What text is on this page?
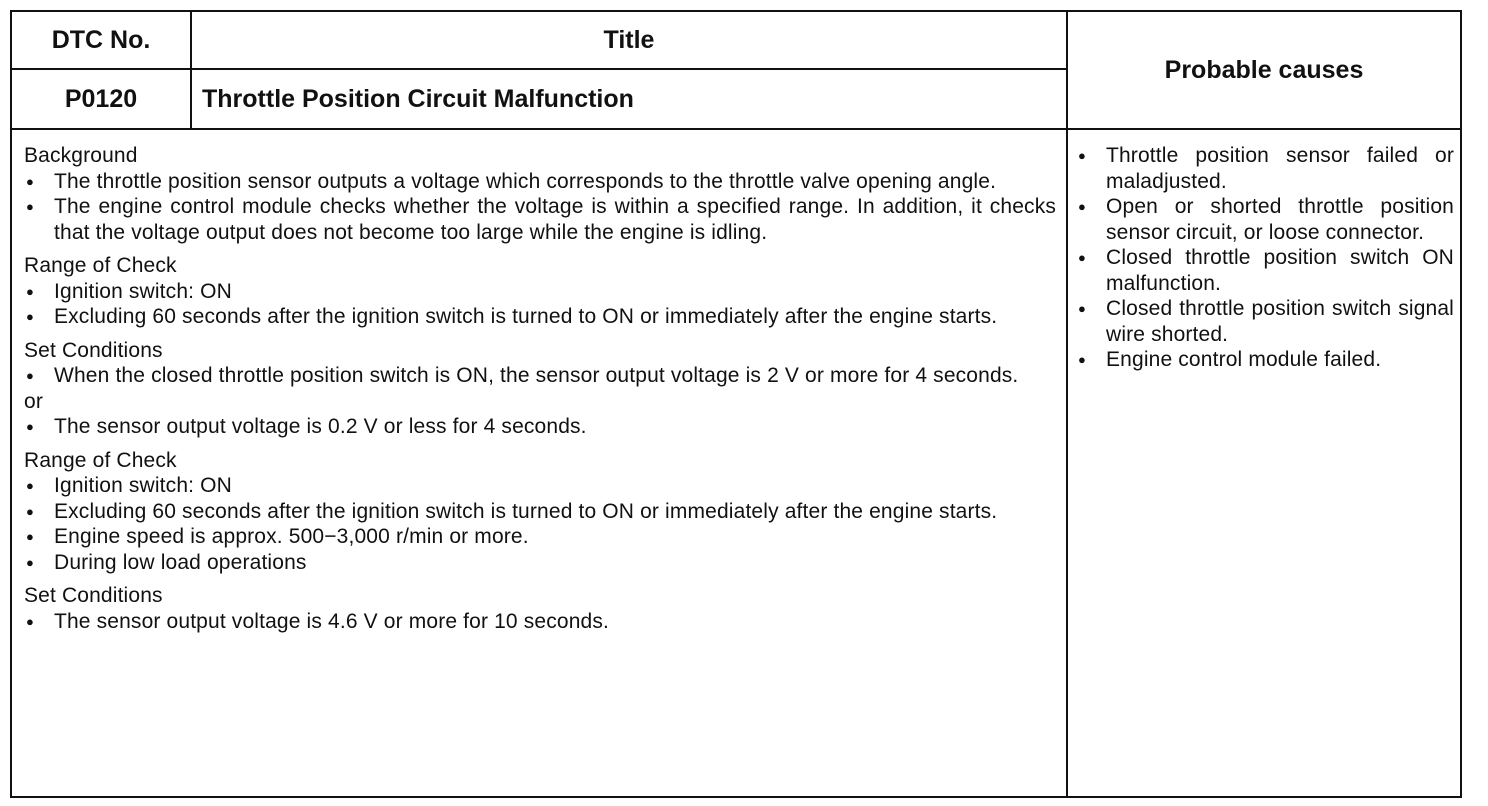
DTC No.	Title
Probable causes
P0120	Throttle Position Circuit Malfunction
Background
● The throttle position sensor outputs a voltage which corresponds to the throttle valve opening angle.
● The engine control module checks whether the voltage is within a specified range. In addition, it checks that the voltage output does not become too large while the engine is idling.
Range of Check
● Ignition switch: ON
● Excluding 60 seconds after the ignition switch is turned to ON or immediately after the engine starts.
Set Conditions
● When the closed throttle position switch is ON, the sensor output voltage is 2 V or more for 4 seconds.
or
● The sensor output voltage is 0.2 V or less for 4 seconds.
Range of Check
● Ignition switch: ON
● Excluding 60 seconds after the ignition switch is turned to ON or immediately after the engine starts.
● Engine speed is approx. 500−3,000 r/min or more.
● During low load operations
Set Conditions
● The sensor output voltage is 4.6 V or more for 10 seconds.
● Throttle position sensor failed or maladjusted.
● Open or shorted throttle position sensor circuit, or loose connector.
● Closed throttle position switch ON malfunction.
● Closed throttle position switch signal wire shorted.
● Engine control module failed.
